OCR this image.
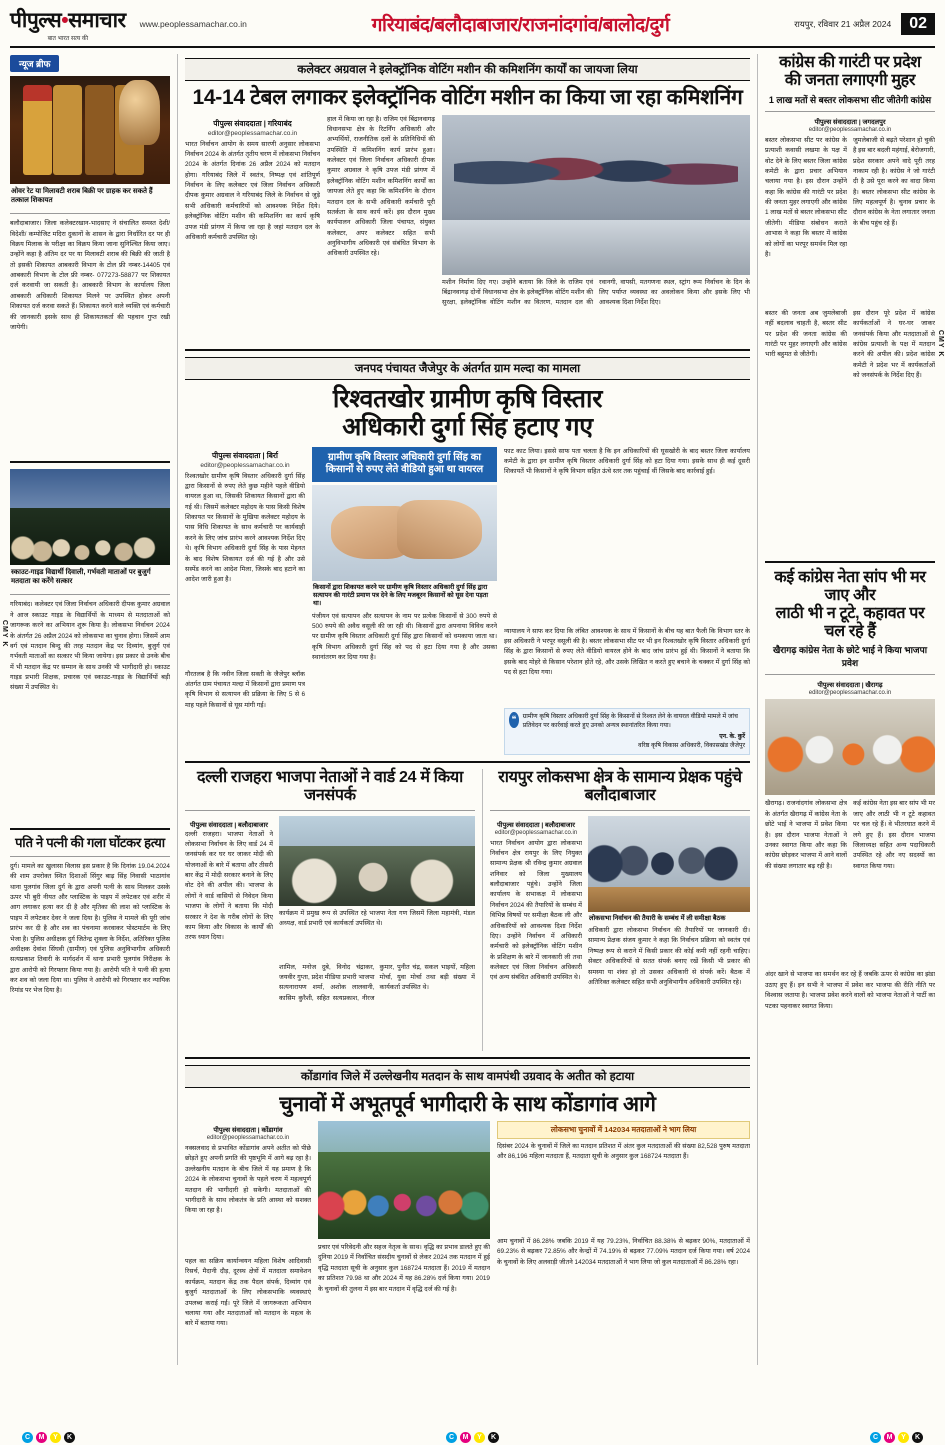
पीपुल्स•समाचार
बात भारत सत्य की
www.peoplessamachar.co.in	गरियाबंद/बलौदाबाजार/राजनांदगांव/बालोद/दुर्ग	रायपुर, रविवार 21 अप्रैल 2024	02
न्यूज ब्रीफ
ओवर रेट या मिलावटी शराब बिक्री पर ग्राहक कर सकते हैं तत्काल शिकायत
बलौदाबाजार। जिला कलेक्टरखान-भादसाए ने संचालित समस्त देशी/विदेशी/ कम्पोजिट मदिरा दुकानों के शासन के द्वारा निर्धारित दर पर ही विक्रय मिलाक के परीक्षा का विक्रय किया जाना सुनिश्चित किया जाए। उन्होंने कहा है अंतिम दर पर या मिलावटी शराब की बिक्री की जाती है तो इसकी शिकायत आबकारी विभाग के टोल फ्री नम्बर-14405 एवं आबकारी विभाग के टोल फ्री नम्बर- 077273-58877 पर शिकायत दर्ज करवायी जा सकती है। आबकारी विभाग के कार्यालय जिला आबकारी अधिकारी शिकायत मिलने पर उपस्थित होकर अपनी शिकायत दर्ज करवा सकते हैं। शिकायत करने वाले व्यक्ति एवं कर्मचारी की जानकारी इसके साथ ही शिकायतकर्ता की पहचान गुप्त रखी जायेगी।
स्काउट-गाइड विद्यार्थी दिवाली, गर्भवती माताओं पर बुजुर्ग मतदाता का करेंगे सत्कार
गरियाबंद। कलेक्टर एवं जिला निर्वाचन अधिकारी दीपक कुमार अग्रवाल ने आज स्काउट गाइड के विद्यार्थियों के माध्यम से मतदाताओं को जागरूक करने का अभियान शुरू किया है। लोकसभा निर्वाचन 2024 के अंतर्गत 26 अप्रैल 2024 को लोकसभा का चुनाव होगा। जिसमें आम वर्ग एवं मतदान बिन्दु की तरह मतदान केंद्र पर दिव्यांग, बुजुर्ग एवं गर्भवती माताओं का सत्कार भी किया जायेगा। इस प्रकार से उनके बीच में भी मतदान केंद्र पर सम्मान के साथ उनकी भी भागीदारी हो। स्काउट गाइड प्रभारी शिक्षक, प्रचारक एवं स्काउट-गाइड के विद्यार्थियों बड़ी संख्या में उपस्थित थे।
पति ने पत्नी की गला घोंटकर हत्या
दुर्ग। मामले का खुलासा विलास इस प्रकार है कि दिनांक 19.04.2024 की शाम उपरोक्त स्थित दिशाओं सिंगुर बाढ़ सिंह निवासी भाठागांव थाना पुलगांव जिला दुर्ग के द्वारा अपनी पत्नी के साथ मिलकर उसके ऊपर भी बुरी नीयत और प्लास्टिक के पाइप में लपेटकर एवं शरीर में आग लगाकर हत्या कर दी है और मृतिका की लाश को प्लास्टिक के पाइप में लपेटकर देवर ने जला दिया है। पुलिस ने मामले की पूरी जांच प्रारंभ कर दी है और शव का पंचनामा करवाकर पोस्टमार्टम के लिए भेजा है। पुलिस अधीक्षक दुर्ग जितेन्द्र शुक्ला के निर्देश, अतिरिक्त पुलिस अधीक्षक देवांश सिंघवी (ग्रामीण) एवं पुलिस अनुविभागीय अधिकारी सत्यप्रकाश तिवारी के मार्गदर्शन में थाना प्रभारी पुलगांव निरीक्षक के द्वारा आरोपी को गिरफ्तार किया गया है। आरोपी पति ने पत्नी की हत्या कर शव को जला दिया था। पुलिस ने आरोपी को गिरफ्तार कर न्यायिक रिमांड पर भेज दिया है।
कलेक्टर अग्रवाल ने इलेक्ट्रॉनिक वोटिंग मशीन की कमिशनिंग कार्यों का जायजा लिया
14-14 टेबल लगाकर इलेक्ट्रॉनिक वोटिंग मशीन का किया जा रहा कमिशनिंग
पीपुल्स संवाददाता | गरियाबंद
editor@peoplessamachar.co.in
भारत निर्वाचन आयोग के समय सारणी अनुसार लोकसभा निर्वाचन 2024 के अंतर्गत तृतीय चरण में लोकसभा निर्वाचन 2024 के अंतर्गत दिनांक 26 अप्रैल 2024 को मतदान होगा। गरियाबंद जिले में स्वतंत्र, निष्पक्ष एवं शांतिपूर्ण निर्वाचन के लिए कलेक्टर एवं जिला निर्वाचन अधिकारी दीपक कुमार अग्रवाल ने गरियाबंद जिले के निर्वाचन से जुड़े सभी अधिकारी कर्मचारियों को आवश्यक निर्देश दिये। इलेक्ट्रॉनिक वोटिंग मशीन की कमिशनिंग का कार्य कृषि उपज मंडी प्रांगण में किया जा रहा है जहां मतदान दल के अधिकारी कर्मचारी उपस्थित रहे।
हाल में किया जा रहा है। राजिम एवं बिंद्रानवागढ़ विधानसभा क्षेत्र के रिटर्निंग अधिकारी और अभ्यर्थियों, राजनीतिक दलों के प्रतिनिधियों की उपस्थिति में कमिशनिंग कार्य प्रारंभ हुआ। कलेक्टर एवं जिला निर्वाचन अधिकारी दीपक कुमार अग्रवाल ने कृषि उपज मंडी प्रांगण में इलेक्ट्रॉनिक वोटिंग मशीन कमिशनिंग कार्यों का जायजा लेते हुए कहा कि कमिशनिंग के दौरान मतदान दल के सभी अधिकारी कर्मचारी पूरी सतर्कता के साथ कार्य करें। इस दौरान मुख्य कार्यपालन अधिकारी जिला पंचायत, संयुक्त कलेक्टर, अपर कलेक्टर सहित सभी अनुविभागीय अधिकारी एवं संबंधित विभाग के अधिकारी उपस्थित रहे।
मशीन निर्माण दिए गए। उन्होंने बताया कि जिले के राजिम एवं बिंद्रानवागढ़ दोनों विधानसभा क्षेत्र के इलेक्ट्रॉनिक वोटिंग मशीन की सुरक्षा, इलेक्ट्रॉनिक वोटिंग मशीन का वितरण, मतदान दल की रवानगी, वापसी, मतगणना स्थल, स्ट्रांग रूम निर्वाचन के दिन के लिए पर्याप्त व्यवस्था का अवलोकन किया और इसके लिए भी आवश्यक दिशा निर्देश दिए।
जनपद पंचायत जैजेपुर के अंतर्गत ग्राम मल्दा का मामला
रिश्वतखोर ग्रामीण कृषि विस्तार
अधिकारी दुर्गा सिंह हटाए गए
पीपुल्स संवाददाता | बिर्रा
editor@peoplessamachar.co.in
रिश्वतखोर ग्रामीण कृषि विस्तार अधिकारी दुर्गा सिंह द्वारा किसानों से रुपए लेते कुछ महीने पहले वीडियो वायरल हुआ था, जिसकी शिकायत किसानों द्वारा की गई थी। जिसमें कलेक्टर महोदय के पास किसी विशेष शिकायत पर किसानों के मुखिया कलेक्टर महोदय के पास विधि शिकायत के साथ कर्मचारी पर कार्यवाही करने के लिए जांच प्रारंभ करने आवश्यक निर्देश दिए थे। कृषि विभाग अधिकारी दुर्गा सिंह के पास मेहनत के बाद विशेष शिकायत दर्ज की गई है और उसे सस्पेंड करने का आदेश मिला, जिसके बाद हटाने का आदेश जारी हुआ है।
गौरतलब है कि नवीन जिला सक्ती के जैजेपुर ब्लॉक अंतर्गत ग्राम पंचायत मल्दा में किसानों द्वारा प्रमाण पत्र कृषि विभाग से सत्यापन की प्रक्रिया के लिए 5 से 6 माह पहले किसानों से घूस मांगी गई।
ग्रामीण कृषि विस्तार अधिकारी दुर्गा सिंह का किसानों से रुपए लेते वीडियो हुआ था वायरल
किसानों द्वारा शिकायत करने पर ग्रामीण कृषि विस्तार अधिकारी दुर्गा सिंह द्वारा सत्यापन की गारंटी प्रमाण पत्र देने के लिए मजबूरन किसानों को घूस देना पड़ता था।
पंजीयन एवं सत्यापन और सत्यापन के नाम पर प्रत्येक किसानों से 300 रुपये से 500 रुपये की अवैध वसूली की जा रही थी। किसानों द्वारा अपनाया विविध करने पर ग्रामीण कृषि विस्तार अधिकारी दुर्गा सिंह द्वारा किसानों को धमकाया जाता था। कृषि विभाग अधिकारी दुर्गा सिंह को पद से हटा दिया गया है और उसका स्थानांतरण कर दिया गया है।
फाट काट लिया। इससे साफ पता चलता है कि इन अधिकारियों की घूसखोरी के बाद बस्तर जिला कार्यालय कमेटी के द्वारा इन ग्रामीण कृषि विस्तार अधिकारी दुर्गा सिंह को हटा दिया गया। इसके साथ ही कई दूसरी शिकायतें भी किसानों ने कृषि विभाग सहित ऊंचे स्तर तक पहुंचाई थीं जिसके बाद कार्रवाई हुई।
न्यायालय ने साफ कर दिया कि लंबित आवश्यक के साथ में किसानों के बीच यह बात फैली कि विभाग स्तर के इस अधिकारी ने भरपूर वसूली की है। बस्तर लोकसभा सीट पर भी इन रिश्वतखोर कृषि विस्तार अधिकारी दुर्गा सिंह के द्वारा किसानों से रुपए लेते वीडियो वायरल होने के बाद जांच प्रारंभ हुई थी। किसानों ने बताया कि इसके बाद मोहरे से किसान परेशान होते रहे, और उसके लिखित न करते हुए बचाने के चक्कर में दुर्गा सिंह को पद से हटा दिया गया।
❝	ग्रामीण कृषि विस्तार अधिकारी दुर्गा सिंह के किसानों से रिश्वत लेने के वायरल वीडियो मामले में जांच प्रतिवेदन पर कार्रवाई करते हुए उनको अन्यत्र स्थानांतरित किया गया।
एन. के. कुर्रे
वरिष्ठ कृषि विकास अधिकारी, विकासखंड जैजेपुर
दल्ली राजहरा भाजपा नेताओं ने वार्ड 24 में किया जनसंपर्क
पीपुल्स संवाददाता | बलौदाबाजार
दल्ली राजहरा। भाजपा नेताओं ने लोकसभा निर्वाचन के लिए वार्ड 24 में जनसंपर्क कर घर घर जाकर मोदी की योजनाओं के बारे में बताया और तीसरी बार केंद्र में मोदी सरकार बनाने के लिए वोट देने की अपील की। भाजपा के लोगों ने वार्ड वासियों से निवेदन किया भाजपा के लोगों ने बताया कि मोदी सरकार ने देश के गरीब लोगों के लिए काम किया और विकास के कार्यों की तरफ ध्यान दिया।
कार्यक्रम में प्रमुख रूप से उपस्थित रहे भाजपा नेता गण जिसमें जिला महामंत्री, मंडल अध्यक्ष, वार्ड प्रभारी एवं कार्यकर्ता उपस्थित थे।
शामिल, मनोज दुबे, विनोद चंद्राकर, जयवीर गुप्ता, प्रदेश मीडिया प्रभारी भाजपा सत्यनारायण शर्मा, अशोक लालवानी, कासिम कुरैशी, सहित सत्यप्रकाश, नीरज कुमार, पुनीत चंद्र, सकल भाइयों, महिला मोर्चा, युवा मोर्चा तथा बड़ी संख्या में कार्यकर्ता उपस्थित थे।
रायपुर लोकसभा क्षेत्र के सामान्य प्रेक्षक पहुंचे बलौदाबाजार
पीपुल्स संवाददाता | बलौदाबाजार
editor@peoplessamachar.co.in
भारत निर्वाचन आयोग द्वारा लोकसभा निर्वाचन क्षेत्र रायपुर के लिए नियुक्त सामान्य प्रेक्षक श्री रविन्द्र कुमार अग्रवाल शनिवार को जिला मुख्यालय बलौदाबाजार पहुंचे। उन्होंने जिला कार्यालय के सभाकक्ष में लोकसभा निर्वाचन 2024 की तैयारियों के सम्बंध में विभिन्न विषयों पर समीक्षा बैठक ली और अधिकारियों को आवश्यक दिशा निर्देश दिए। उन्होंने निर्वाचन में अधिकारी कर्मचारी को इलेक्ट्रॉनिक वोटिंग मशीन के प्रशिक्षण के बारे में जानकारी ली तथा कलेक्टर एवं जिला निर्वाचन अधिकारी एवं अन्य संबंधित अधिकारी उपस्थित थे।
लोकसभा निर्वाचन की तैयारी के सम्बंध में ली समीक्षा बैठक
अधिकारी द्वारा लोकसभा निर्वाचन की तैयारियों पर जानकारी दी। सामान्य प्रेक्षक संजय कुमार ने कहा कि निर्वाचन प्रक्रिया को स्वतंत्र एवं निष्पक्ष रूप से कराने में किसी प्रकार की कोई कमी नहीं रहनी चाहिए। सेक्टर अधिकारियों से सतत संपर्क बनाए रखें किसी भी प्रकार की समस्या या शंका हो तो उसका अधिकारी से संपर्क करें। बैठक में अतिरिक्त कलेक्टर सहित सभी अनुविभागीय अधिकारी उपस्थित रहे।
कोंडागांव जिले में उल्लेखनीय मतदान के साथ वामपंथी उग्रवाद के अतीत को हटाया
चुनावों में अभूतपूर्व भागीदारी के साथ कोंडागांव आगे
पीपुल्स संवाददाता | कोंडागांव
editor@peoplessamachar.co.in
नक्सलवाद से प्रभावित कोंडागांव अपने अतीत को पीछे छोड़ते हुए अपनी प्रगति की पृष्ठभूमि में आगे बढ़ रहा है। उल्लेखनीय मतदान के बीच जिले में यह प्रमाण है कि 2024 के लोकसभा चुनावों के पहले चरण में महत्वपूर्ण मतदान की भागीदारी हो सकेगी। मतदाताओं की भागीदारी के साथ लोकतंत्र के प्रति आस्था को सशक्त किया जा रहा है।
पहल का सक्रिय कार्यान्वयन महिला विशेष आदिवासी रिसर्च, मैदानी दौड़, दूरस्थ क्षेत्रों में मतदाता समावेशन कार्यक्रम, मतदान केंद्र तक पैदल संपर्क, दिव्यांग एवं बुजुर्ग मतदाताओं के लिए लोकसभाकि व्यवस्थाएं उपलब्ध कराई गईं। पूरे जिले में जागरूकता अभियान चलाया गया और मतदाताओं को मतदान के महत्व के बारे में बताया गया।
प्रचार एवं परिवेदनी और सहज नेतृत्व के साथ। वृद्धि का प्रभाव डालते हुए की दुनिया 2019 में निर्वाचित संसदीय चुनावों से लेकर 2024 तक मतदान में हुई वृद्धि मतदाता सूची के अनुसार कुल 168724 मतदाता हैं। 2019 में मतदान का प्रतिशत 79.98 था और 2024 में यह 86.28% दर्ज किया गया। 2019 के चुनावों की तुलना में इस बार मतदान में वृद्धि दर्ज की गई है।
लोकसभा चुनावों में 142034 मतदाताओं ने भाग लिया
दिसंबर 2024 के चुनावों में जिले का मतदान प्रतिशत में अंतर कुल मतदाताओं की संख्या 82,528 पुरुष मतदाता और 86,196 महिला मतदाता हैं, मतदाता सूची के अनुसार कुल 168724 मतदाता हैं।
आम चुनावों में 86.28% जबकि 2019 में यह 79.23%, निर्वाचित 88.38% से बढ़कर 90%, मतदाताओं में 69.23% से बढ़कर 72.85% और केन्द्रों में 74.19% से बढ़कर 77.09% मतदान दर्ज किया गया। वर्ष 2024 के चुनावों के लिए अलवाड़ी जीतने 142034 मतदाताओं ने भाग लिया जो कुल मतदाताओं में 86.28% रहा।
कांग्रेस की गारंटी पर प्रदेश
की जनता लगाएगी मुहर
1 लाख मतों से बस्तर लोकसभा सीट जीतेगी कांग्रेस
पीपुल्स संवाददाता | जगदलपुर
editor@peoplessamachar.co.in
बस्तर लोकसभा सीट पर कांग्रेस के प्रत्याशी कवासी लखमा के पक्ष में वोट देने के लिए बस्तर जिला कांग्रेस कमेटी के द्वारा प्रचार अभियान चलाया गया है। इस दौरान उन्होंने कहा कि कांग्रेस की गारंटी पर प्रदेश की जनता मुहर लगाएगी और कांग्रेस 1 लाख मतों से बस्तर लोकसभा सीट जीतेगी। मीडिया संबोधन कराते आभास ने कहा कि बस्तर में कांग्रेस को लोगों का भरपूर समर्थन मिल रहा है।
जुमलेबाजी से बढ़ते परेशान हो चुकी है इस बार बदली महंगाई, बेरोजगारी, प्रदेश सरकार अपने वादे पूरी तरह नाकाम रही है। कांग्रेस ने जो गारंटी दी है उसे पूरा करने का वादा किया है। बस्तर लोकसभा सीट कांग्रेस के लिए महत्वपूर्ण है। चुनाव प्रचार के दौरान कांग्रेस के नेता लगातार जनता के बीच पहुंच रहे हैं।
बस्तर की जनता अब जुमलेबाजी नहीं बदलाव चाहती है, बस्तर सीट पर प्रदेश की जनता कांग्रेस की गारंटी पर मुहर लगाएगी और कांग्रेस भारी बहुमत से जीतेगी।
इस दौरान पूरे प्रदेश में कांग्रेस कार्यकर्ताओं ने घर-घर जाकर जनसंपर्क किया और मतदाताओं से कांग्रेस प्रत्याशी के पक्ष में मतदान करने की अपील की। प्रदेश कांग्रेस कमेटी ने प्रदेश भर में कार्यकर्ताओं को जनसंपर्क के निर्देश दिए हैं।
कई कांग्रेस नेता सांप भी मर जाए और
लाठी भी न टूटे, कहावत पर चल रहे हैं
खैरागढ़ कांग्रेस नेता के छोटे भाई ने किया भाजपा प्रवेश
पीपुल्स संवाददाता | खैरागढ़
editor@peoplessamachar.co.in
खैरागढ़। राजनांदगांव लोकसभा क्षेत्र के अंतर्गत खैरागढ़ में कांग्रेस नेता के छोटे भाई ने भाजपा में प्रवेश किया है। इस दौरान भाजपा नेताओं ने उनका स्वागत किया और कहा कि कांग्रेस छोड़कर भाजपा में आने वालों की संख्या लगातार बढ़ रही है।
कई कांग्रेस नेता इस बार सांप भी मर जाए और लाठी भी न टूटे कहावत पर चल रहे हैं। वे भीतरघात करने में लगे हुए हैं। इस दौरान भाजपा जिलाध्यक्ष सहित अन्य पदाधिकारी उपस्थित रहे और नए सदस्यों का स्वागत किया गया।
अंदर खाने से भाजपा का समर्थन कर रहे हैं जबकि ऊपर से कांग्रेस का झंडा उठाए हुए हैं। इन सभी ने भाजपा में प्रवेश कर भाजपा की रीति नीति पर विश्वास जताया है। भाजपा प्रवेश करने वालों को भाजपा नेताओं ने पार्टी का पटका पहनाकर स्वागत किया।
CMY K
CMY K
C	M	Y	K	C	M	Y	K	C	M	Y	K
